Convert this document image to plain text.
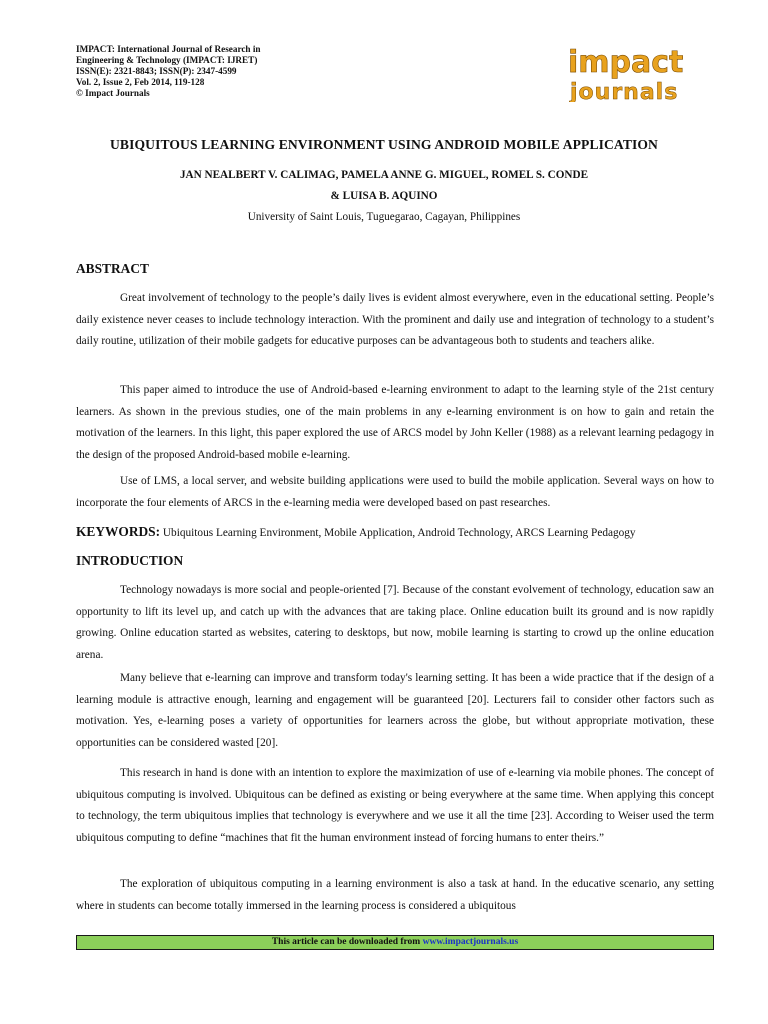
IMPACT: International Journal of Research in
Engineering & Technology (IMPACT: IJRET)
ISSN(E): 2321-8843; ISSN(P): 2347-4599
Vol. 2, Issue 2, Feb 2014, 119-128
© Impact Journals
impact
journals
UBIQUITOUS LEARNING ENVIRONMENT USING ANDROID MOBILE APPLICATION
JAN NEALBERT V. CALIMAG, PAMELA ANNE G. MIGUEL, ROMEL S. CONDE
& LUISA B. AQUINO
University of Saint Louis, Tuguegarao, Cagayan, Philippines
ABSTRACT
Great involvement of technology to the people’s daily lives is evident almost everywhere, even in the educational setting. People’s daily existence never ceases to include technology interaction. With the prominent and daily use and integration of technology to a student’s daily routine, utilization of their mobile gadgets for educative purposes can be advantageous both to students and teachers alike.
This paper aimed to introduce the use of Android-based e-learning environment to adapt to the learning style of the 21st century learners. As shown in the previous studies, one of the main problems in any e-learning environment is on how to gain and retain the motivation of the learners. In this light, this paper explored the use of ARCS model by John Keller (1988) as a relevant learning pedagogy in the design of the proposed Android-based mobile e-learning.
Use of LMS, a local server, and website building applications were used to build the mobile application. Several ways on how to incorporate the four elements of ARCS in the e-learning media were developed based on past researches.
KEYWORDS: Ubiquitous Learning Environment, Mobile Application, Android Technology, ARCS Learning Pedagogy
INTRODUCTION
Technology nowadays is more social and people-oriented [7]. Because of the constant evolvement of technology, education saw an opportunity to lift its level up, and catch up with the advances that are taking place. Online education built its ground and is now rapidly growing. Online education started as websites, catering to desktops, but now, mobile learning is starting to crowd up the online education arena.
Many believe that e-learning can improve and transform today's learning setting. It has been a wide practice that if the design of a learning module is attractive enough, learning and engagement will be guaranteed [20]. Lecturers fail to consider other factors such as motivation. Yes, e-learning poses a variety of opportunities for learners across the globe, but without appropriate motivation, these opportunities can be considered wasted [20].
This research in hand is done with an intention to explore the maximization of use of e-learning via mobile phones. The concept of ubiquitous computing is involved. Ubiquitous can be defined as existing or being everywhere at the same time. When applying this concept to technology, the term ubiquitous implies that technology is everywhere and we use it all the time [23]. According to Weiser used the term ubiquitous computing to define “machines that fit the human environment instead of forcing humans to enter theirs.”
The exploration of ubiquitous computing in a learning environment is also a task at hand. In the educative scenario, any setting where in students can become totally immersed in the learning process is considered a ubiquitous
This article can be downloaded from www.impactjournals.us
